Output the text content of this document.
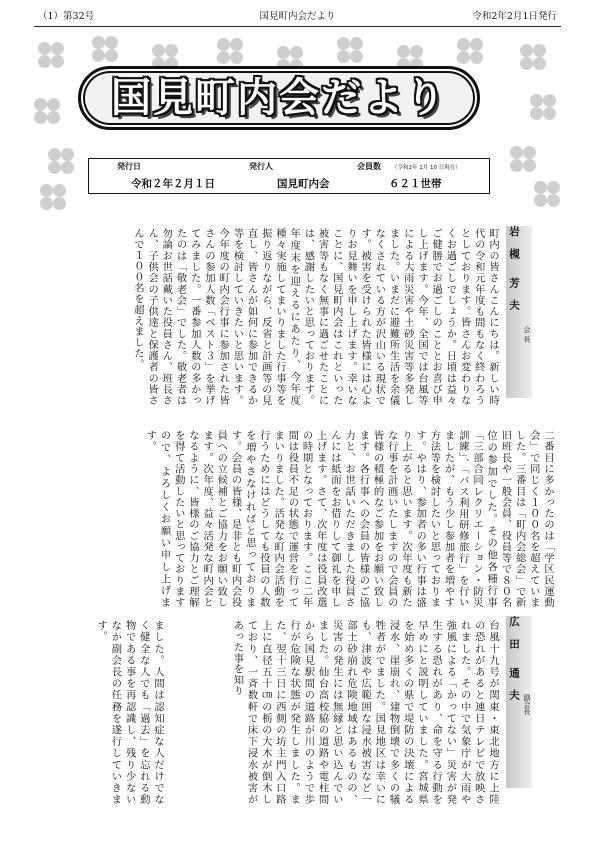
（1）第32号	国見町内会だより	令和2年2月1日発行
国見町内会だより
発行日
令和２年２月１日
発行人
国見町内会
会員数 （令和2年 1月 10 日現在）
６２１世帯
会 長
岩 槻　芳 夫
町内の皆さんこんにちは。新しい時代の令和元年度も間もなく終わろうとしております。皆さんお変わりなくお過ごしでしょうか。日頃は益々ご健勝でお過ごしのこととお喜び申し上げます。今年、全国では台風等による大雨災害や土砂災害等多発しました。いまだに避難所生活を余儀なくされている方が沢山いる現状です。被害を受けられた皆様には心よりお見舞いを申し上げます。幸いなことに、国見町内会はこれといった被害等もなく無事に過ごせたことには、感謝したいと思っております。年度末を迎えるにあたり、今年度種々実施してまいりました行事等を振り返りながら、反省と計画等の見直し、皆さんが如何に参加できるか等を検討していきたいと思います。今年度の町内会行事に参加された皆さんの参加人数「ベスト３」を挙げてみました。一番参加人数の多かったのは「敬老会」でした。敬老者は勿論お世話戴いた役員さん、班長さん、子供会の子供達と保護者の皆さんで１００名を超えました。
二番目に多かったのは「学区民運動会」で同じく１００名を超えていました。三番目は「町内会総会」で新旧班長や一般会員、役員等で８０名位の参加でした。その他各種行事「三部合同レクリエーション・防災訓練」、「バス利用研修旅行」を行いましたが、もう少し参加者を増やす方法等を検討したいと思っております。やはり、参加者の多い行事は盛り上がると思います。次年度も新たな行事を計画いたしますので会員の皆様の積極的なご参加をお願い致します。各行事への会員の皆様のご協力と、お世話いただきました役員さんには紙面をお借りして御礼を申し上げます。さて、次年度は役員改選の時期となっております。ここ二年間は役員不足の状態で運営を行ってまいりました。活発な町内会活動を行うためにはどうしても役員の人数を増やさなければと思っております。会員の皆様、是非とも町内会役員への立候補とご協力をお願い致します。次年度、益々活発な町内会となるように、皆様のご協力とご理解を得て活動したいと思っておりますので、よろしくお願い申し上げます。
副会長
広 田　通 夫
台風十九号が関東・東北地方に上陸の恐れがあると連日テレビで放映されました。その中で気象庁が大雨や強風による「かってない」災害が発生する恐れがあり、命を守る行動を早めにと説明していました。宮城県を始め多くの県で堤防の決壊による浸水、崖崩れ、建物倒壊で多くの犠牲者がでました。国見地区は幸いにも、津波や広範囲な浸水被害など一部土砂崩れ危険地域はあるものの、災害の発生には無縁と思い込んでいました。仙台高校脇の道路や電柱間から国見駅間の道路が川のようで歩行が危険な状態が発生しました。また、翌十三日に西側の坊主門入口路上に直径五十㎝の栃の大木が倒木しており、一斉数軒で床下浸水被害があった事を知り
ました。人間は認知症な人だけでなく健全な人でも「過去」を忘れる動物である事を再認識し、残り少ないなか副会長の任務を遂行していきます。
